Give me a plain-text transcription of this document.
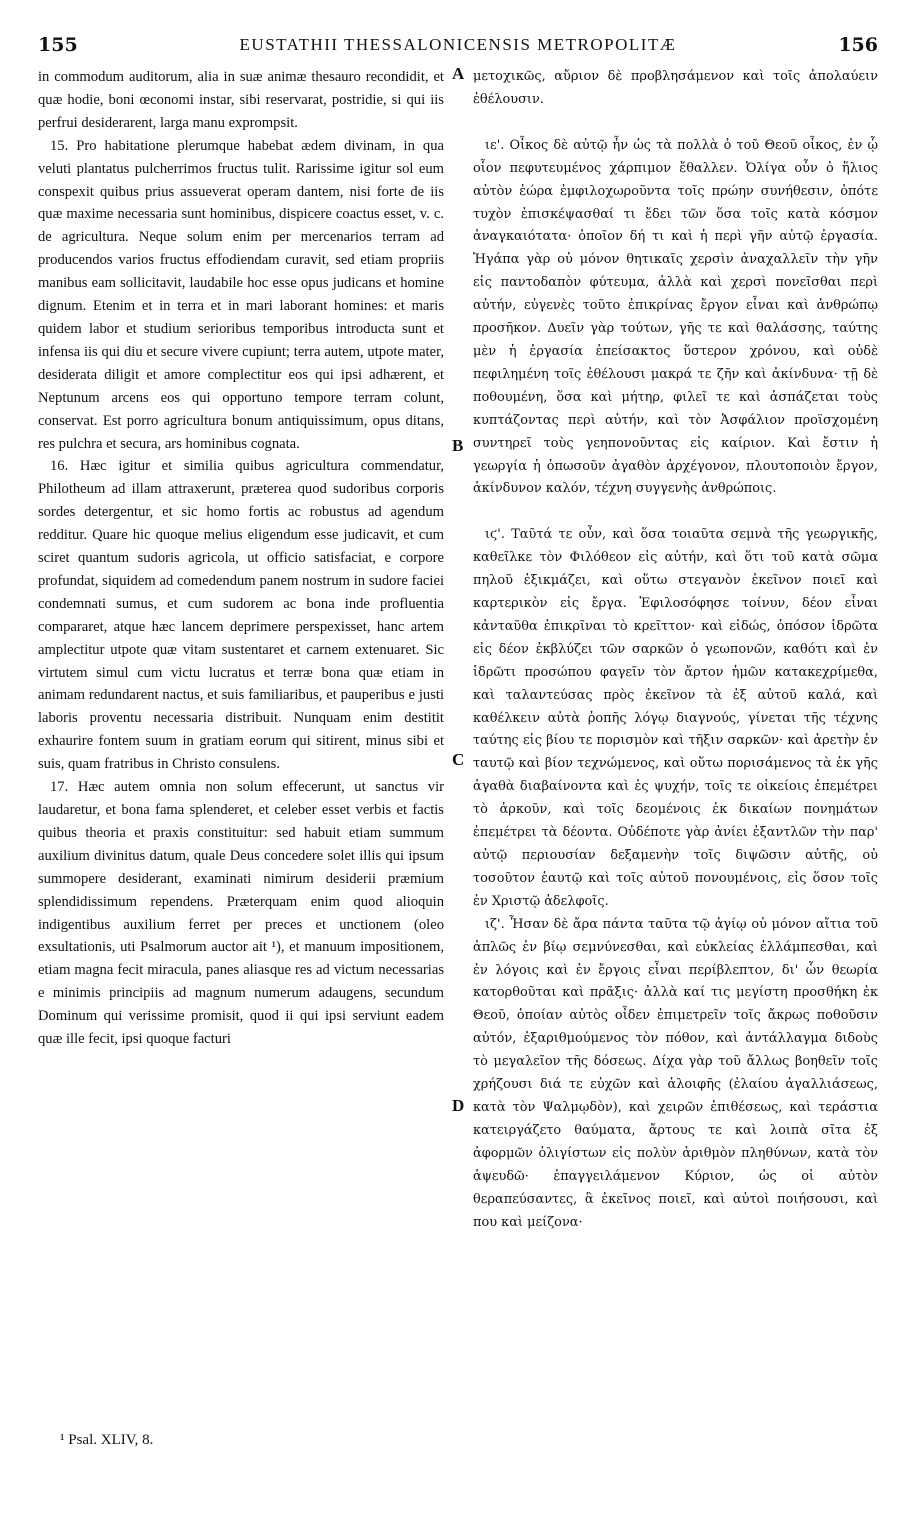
155	EUSTATHII THESSALONICENSIS METROPOLITÆ	156

in commodum auditorum, alia in suæ animæ thesauro recondidit, et quæ hodie, boni œconomi instar, sibi reservarat, postridie, si qui iis perfrui desiderarent, larga manu exprompsit.

15. Pro habitatione plerumque habebat ædem divinam, in qua veluti plantatus pulcherrimos fructus tulit. Rarissime igitur sol eum conspexit quibus prius assueverat operam dantem, nisi forte de iis quæ maxime necessaria sunt hominibus, dispicere coactus esset, v. c. de agricultura. Neque solum enim per mercenarios terram ad producendos varios fructus effodiendam curavit, sed etiam propriis manibus eam sollicitavit, laudabile hoc esse opus judicans et homine dignum. Etenim et in terra et in mari laborant homines: et maris quidem labor et studium serioribus temporibus introducta sunt et infensa iis qui diu et secure vivere cupiunt; terra autem, utpote mater, desiderata diligit et amore complectitur eos qui ipsi adhærent, et Neptunum arcens eos qui opportuno tempore terram colunt, conservat. Est porro agricultura bonum antiquissimum, opus ditans, res pulchra et secura, ars hominibus cognata.

16. Hæc igitur et similia quibus agricultura commendatur, Philotheum ad illam attraxerunt, præterea quod sudoribus corporis sordes detergentur, et sic homo fortis ac robustus ad agendum redditur. Quare hic quoque melius eligendum esse judicavit, et cum sciret quantum sudoris agricola, ut officio satisfaciat, e corpore profundat, siquidem ad comedendum panem nostrum in sudore faciei condemnati sumus, et cum sudorem ac bona inde profluentia compararet, atque hæc lancem deprimere perspexisset, hanc artem amplectitur utpote quæ vitam sustentaret et carnem extenuaret. Sic virtutem simul cum victu lucratus et terræ bona quæ etiam in animam redundarent nactus, et suis familiaribus, et pauperibus e justi laboris proventu necessaria distribuit. Nunquam enim destitit exhaurire fontem suum in gratiam eorum qui sitirent, minus sibi et suis, quam fratribus in Christo consulens.

17. Hæc autem omnia non solum effecerunt, ut sanctus vir laudaretur, et bona fama splenderet, et celeber esset verbis et factis quibus theoria et praxis constituitur: sed habuit etiam summum auxilium divinitus datum, quale Deus concedere solet illis qui ipsum summopere desiderant, examinati nimirum desiderii præmium splendidissimum rependens. Præterquam enim quod alioquin indigentibus auxilium ferret per preces et unctionem (oleo exsultationis, uti Psalmorum auctor ait ¹), et manuum impositionem, etiam magna fecit miracula, panes aliasque res ad victum necessarias e minimis principiis ad magnum numerum adaugens, secundum Dominum qui verissime promisit, quod ii qui ipsi serviunt eadem quæ ille fecit, ipsi quoque facturi

A
B
C
D

μετοχικῶς, αὔριον δὲ προβλησάμενον καὶ τοῖς ἀπολαύειν ἐθέλουσιν.

ιε'. Οἶκος δὲ αὐτῷ ἦν ὡς τὰ πολλὰ ὁ τοῦ Θεοῦ οἶκος, ἐν ᾧ οἷον πεφυτευμένος χάρπιμον ἔθαλλεν. Ὀλίγα οὖν ὁ ἥλιος αὐτὸν ἑώρα ἐμφιλοχωροῦντα τοῖς πρώην συνήθεσιν, ὁπότε τυχὸν ἐπισκέψασθαί τι ἔδει τῶν ὅσα τοῖς κατὰ κόσμον ἀναγκαιότατα· ὁποῖον δή τι καὶ ἡ περὶ γῆν αὐτῷ ἐργασία. Ἠγάπα γὰρ οὐ μόνον θητικαῖς χερσὶν ἀναχαλλεῖν τὴν γῆν εἰς παντοδαπὸν φύτευμα, ἀλλὰ καὶ χερσὶ πονεῖσθαι περὶ αὐτήν, εὐγενὲς τοῦτο ἐπικρίνας ἔργον εἶναι καὶ ἀνθρώπῳ προσῆκον. Δυεῖν γὰρ τούτων, γῆς τε καὶ θαλάσσης, ταύτης μὲν ἡ ἐργασία ἐπείσακτος ὕστερον χρόνου, καὶ οὐδὲ πεφιλημένη τοῖς ἐθέλουσι μακρά τε ζῆν καὶ ἀκίνδυνα· τῇ δὲ ποθουμένη, ὅσα καὶ μήτηρ, φιλεῖ τε καὶ ἀσπάζεται τοὺς κυπτάζοντας περὶ αὐτήν, καὶ τὸν Ἀσφάλιον προϊσχομένη συντηρεῖ τοὺς γεηπονοῦντας εἰς καίριον. Καὶ ἔστιν ἡ γεωργία ἡ ὁπωσοῦν ἀγαθὸν ἀρχέγονον, πλουτοποιὸν ἔργον, ἀκίνδυνον καλόν, τέχνη συγγενὴς ἀνθρώποις.

ιϛ'. Ταῦτά τε οὖν, καὶ ὅσα τοιαῦτα σεμνὰ τῆς γεωργικῆς, καθεῖλκε τὸν Φιλόθεον εἰς αὐτήν, καὶ ὅτι τοῦ κατὰ σῶμα πηλοῦ ἐξικμάζει, καὶ οὕτω στεγανὸν ἐκεῖνον ποιεῖ καὶ καρτερικὸν εἰς ἔργα. Ἐφιλοσόφησε τοίνυν, δέον εἶναι κἀνταῦθα ἐπικρῖναι τὸ κρεῖττον· καὶ εἰδώς, ὁπόσον ἱδρῶτα εἰς δέον ἐκβλύζει τῶν σαρκῶν ὁ γεωπονῶν, καθότι καὶ ἐν ἱδρῶτι προσώπου φαγεῖν τὸν ἄρτον ἡμῶν κατακεχρίμεθα, καὶ ταλαντεύσας πρὸς ἐκεῖνον τὰ ἐξ αὐτοῦ καλά, καὶ καθέλκειν αὐτὰ ῥοπῆς λόγῳ διαγνούς, γίνεται τῆς τέχνης ταύτης εἰς βίου τε πορισμὸν καὶ τῆξιν σαρκῶν· καὶ ἀρετὴν ἐν ταυτῷ καὶ βίον τεχνώμενος, καὶ οὕτω πορισάμενος τὰ ἐκ γῆς ἀγαθὰ διαβαίνοντα καὶ ἐς ψυχήν, τοῖς τε οἰκείοις ἐπεμέτρει τὸ ἀρκοῦν, καὶ τοῖς δεομένοις ἐκ δικαίων πονημάτων ἐπεμέτρει τὰ δέοντα. Οὐδέποτε γὰρ ἀνίει ἐξαντλῶν τὴν παρ' αὐτῷ περιουσίαν δεξαμενὴν τοῖς διψῶσιν αὐτῆς, οὐ τοσοῦτον ἑαυτῷ καὶ τοῖς αὐτοῦ πονουμένοις, εἰς ὅσον τοῖς ἐν Χριστῷ ἀδελφοῖς.

ιζ'. Ἦσαν δὲ ἄρα πάντα ταῦτα τῷ ἁγίῳ οὐ μόνον αἴτια τοῦ ἁπλῶς ἐν βίῳ σεμνύνεσθαι, καὶ εὐκλείας ἐλλάμπεσθαι, καὶ ἐν λόγοις καὶ ἐν ἔργοις εἶναι περίβλεπτον, δι' ὧν θεωρία κατορθοῦται καὶ πρᾶξις· ἀλλὰ καί τις μεγίστη προσθήκη ἐκ Θεοῦ, ὁποίαν αὐτὸς οἶδεν ἐπιμετρεῖν τοῖς ἄκρως ποθοῦσιν αὐτόν, ἐξαριθμούμενος τὸν πόθον, καὶ ἀντάλλαγμα διδοὺς τὸ μεγαλεῖον τῆς δόσεως. Δίχα γὰρ τοῦ ἄλλως βοηθεῖν τοῖς χρήζουσι διά τε εὐχῶν καὶ ἀλοιφῆς (ἐλαίου ἀγαλλιάσεως, κατὰ τὸν Ψαλμῳδὸν), καὶ χειρῶν ἐπιθέσεως, καὶ τεράστια κατειργάζετο θαύματα, ἄρτους τε καὶ λοιπὰ σῖτα ἐξ ἀφορμῶν ὀλιγίστων εἰς πολὺν ἀριθμὸν πληθύνων, κατὰ τὸν ἀψευδῶ· ἐπαγγειλάμενον Κύριον, ὡς οἱ αὐτὸν θεραπεύσαντες, ἃ ἐκεῖνος ποιεῖ, καὶ αὐτοὶ ποιήσουσι, καὶ που καὶ μείζονα·

¹ Psal. XLIV, 8.
